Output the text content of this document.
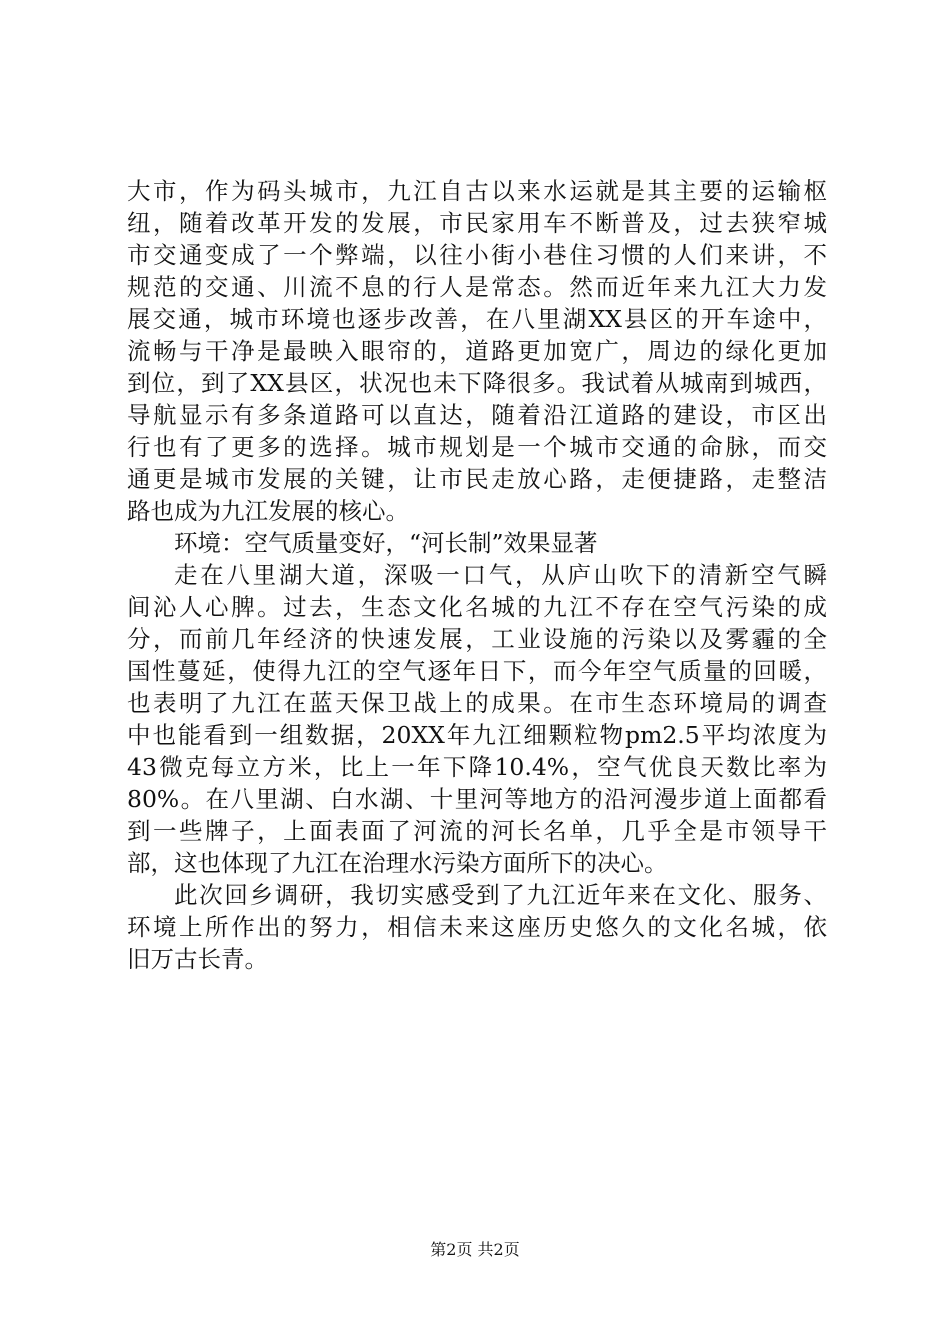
大市，作为码头城市，九江自古以来水运就是其主要的运输枢
纽，随着改革开发的发展，市民家用车不断普及，过去狭窄城
市交通变成了一个弊端，以往小街小巷住习惯的人们来讲，不
规范的交通、川流不息的行人是常态。然而近年来九江大力发
展交通，城市环境也逐步改善，在八里湖XX县区的开车途中，
流畅与干净是最映入眼帘的，道路更加宽广，周边的绿化更加
到位，到了XX县区，状况也未下降很多。我试着从城南到城西，
导航显示有多条道路可以直达，随着沿江道路的建设，市区出
行也有了更多的选择。城市规划是一个城市交通的命脉，而交
通更是城市发展的关键，让市民走放心路，走便捷路，走整洁
路也成为九江发展的核心。
环境：空气质量变好，“河长制”效果显著
走在八里湖大道，深吸一口气，从庐山吹下的清新空气瞬
间沁人心脾。过去，生态文化名城的九江不存在空气污染的成
分，而前几年经济的快速发展，工业设施的污染以及雾霾的全
国性蔓延，使得九江的空气逐年日下，而今年空气质量的回暖，
也表明了九江在蓝天保卫战上的成果。在市生态环境局的调查
中也能看到一组数据，20XX年九江细颗粒物pm2.5平均浓度为
43微克每立方米，比上一年下降10.4%，空气优良天数比率为
80%。在八里湖、白水湖、十里河等地方的沿河漫步道上面都看
到一些牌子，上面表面了河流的河长名单，几乎全是市领导干
部，这也体现了九江在治理水污染方面所下的决心。
此次回乡调研，我切实感受到了九江近年来在文化、服务、
环境上所作出的努力，相信未来这座历史悠久的文化名城，依
旧万古长青。
第2页 共2页
